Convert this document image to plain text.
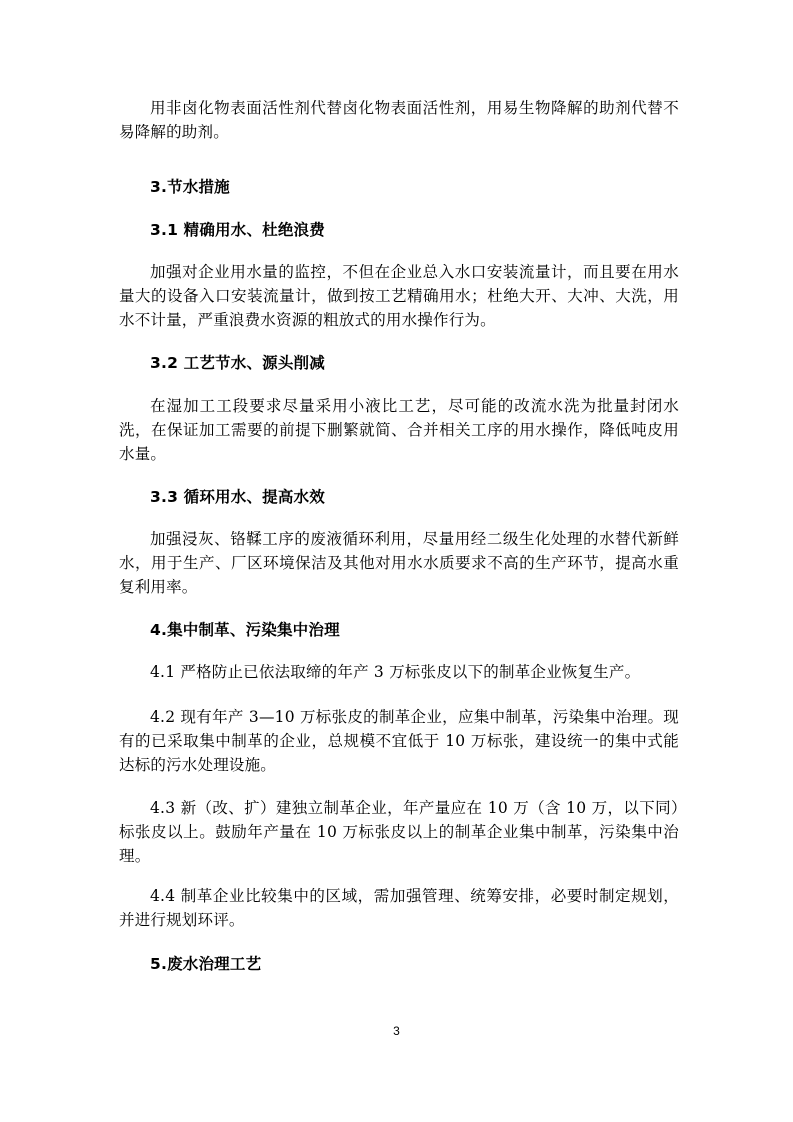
用非卤化物表面活性剂代替卤化物表面活性剂，用易生物降解的助剂代替不易降解的助剂。

3.节水措施

3.1 精确用水、杜绝浪费

加强对企业用水量的监控，不但在企业总入水口安装流量计，而且要在用水量大的设备入口安装流量计，做到按工艺精确用水；杜绝大开、大冲、大洗，用水不计量，严重浪费水资源的粗放式的用水操作行为。

3.2 工艺节水、源头削减

在湿加工工段要求尽量采用小液比工艺，尽可能的改流水洗为批量封闭水洗，在保证加工需要的前提下删繁就简、合并相关工序的用水操作，降低吨皮用水量。

3.3 循环用水、提高水效

加强浸灰、铬鞣工序的废液循环利用，尽量用经二级生化处理的水替代新鲜水，用于生产、厂区环境保洁及其他对用水水质要求不高的生产环节，提高水重复利用率。

4.集中制革、污染集中治理

4.1 严格防止已依法取缔的年产 3 万标张皮以下的制革企业恢复生产。

4.2 现有年产 3—10 万标张皮的制革企业，应集中制革，污染集中治理。现有的已采取集中制革的企业，总规模不宜低于 10 万标张，建设统一的集中式能达标的污水处理设施。

4.3 新（改、扩）建独立制革企业，年产量应在 10 万（含 10 万，以下同）标张皮以上。鼓励年产量在 10 万标张皮以上的制革企业集中制革，污染集中治理。

4.4 制革企业比较集中的区域，需加强管理、统筹安排，必要时制定规划，并进行规划环评。

5.废水治理工艺

3
